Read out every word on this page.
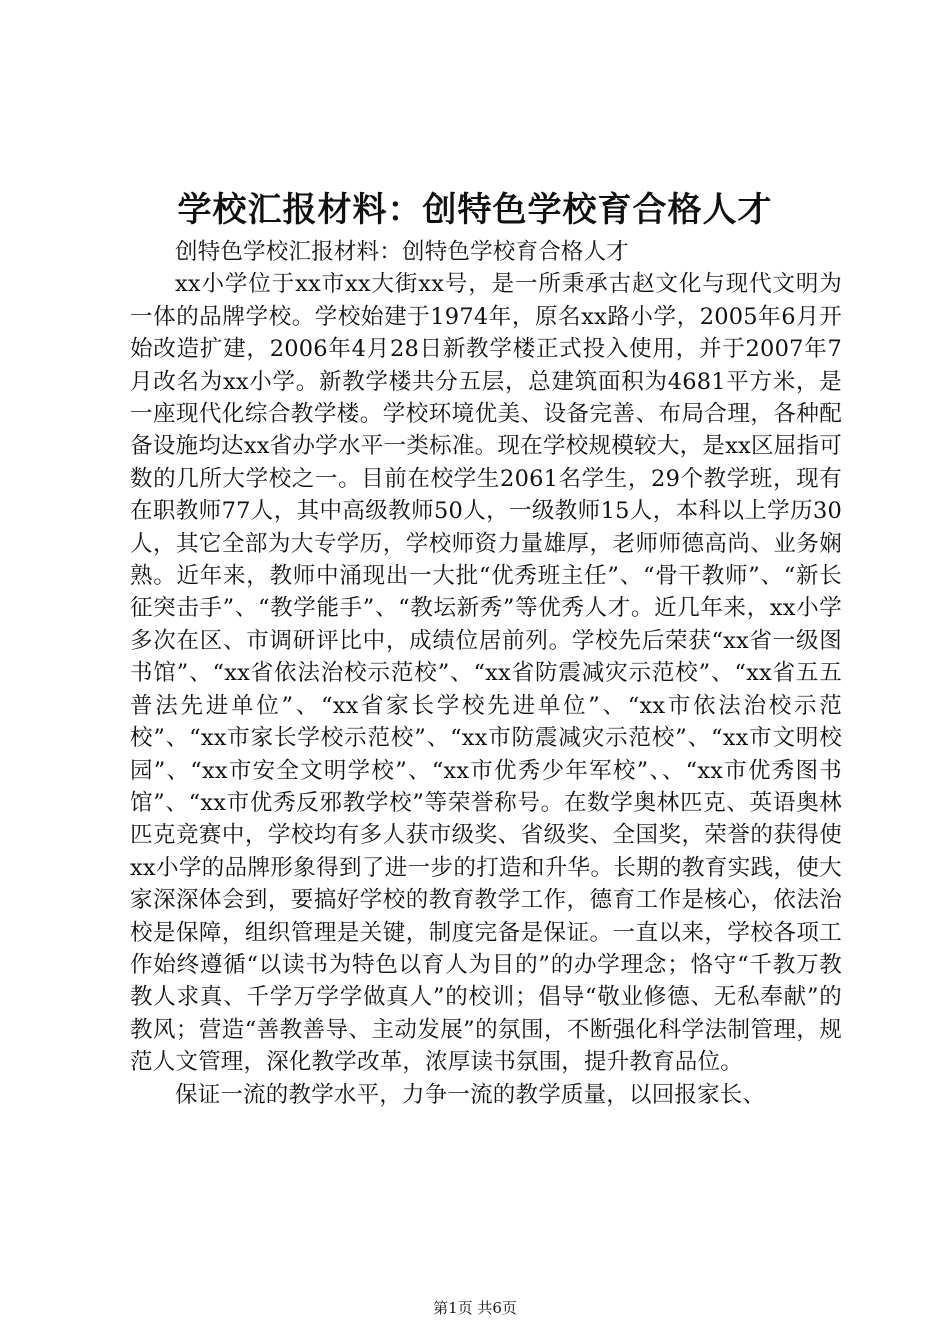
学校汇报材料：创特色学校育合格人才

创特色学校汇报材料：创特色学校育合格人才

xx小学位于xx市xx大街xx号，是一所秉承古赵文化与现代文明为一体的品牌学校。学校始建于1974年，原名xx路小学，2005年6月开始改造扩建，2006年4月28日新教学楼正式投入使用，并于2007年7月改名为xx小学。新教学楼共分五层，总建筑面积为4681平方米，是一座现代化综合教学楼。学校环境优美、设备完善、布局合理，各种配备设施均达xx省办学水平一类标准。现在学校规模较大，是xx区屈指可数的几所大学校之一。目前在校学生2061名学生，29个教学班，现有在职教师77人，其中高级教师50人，一级教师15人，本科以上学历30人，其它全部为大专学历，学校师资力量雄厚，老师师德高尚、业务娴熟。近年来，教师中涌现出一大批“优秀班主任”、“骨干教师”、“新长征突击手”、“教学能手”、“教坛新秀”等优秀人才。近几年来，xx小学多次在区、市调研评比中，成绩位居前列。学校先后荣获“xx省一级图书馆”、“xx省依法治校示范校”、“xx省防震减灾示范校”、“xx省五五普法先进单位”、“xx省家长学校先进单位”、“xx市依法治校示范校”、“xx市家长学校示范校”、“xx市防震减灾示范校”、“xx市文明校园”、“xx市安全文明学校”、“xx市优秀少年军校”、、“xx市优秀图书馆”、“xx市优秀反邪教学校”等荣誉称号。在数学奥林匹克、英语奥林匹克竞赛中，学校均有多人获市级奖、省级奖、全国奖，荣誉的获得使xx小学的品牌形象得到了进一步的打造和升华。长期的教育实践，使大家深深体会到，要搞好学校的教育教学工作，德育工作是核心，依法治校是保障，组织管理是关键，制度完备是保证。一直以来，学校各项工作始终遵循“以读书为特色以育人为目的”的办学理念；恪守“千教万教教人求真、千学万学学做真人”的校训；倡导“敬业修德、无私奉献”的教风；营造“善教善导、主动发展”的氛围，不断强化科学法制管理，规范人文管理，深化教学改革，浓厚读书氛围，提升教育品位。

保证一流的教学水平，力争一流的教学质量，以回报家长、

第1页 共6页
